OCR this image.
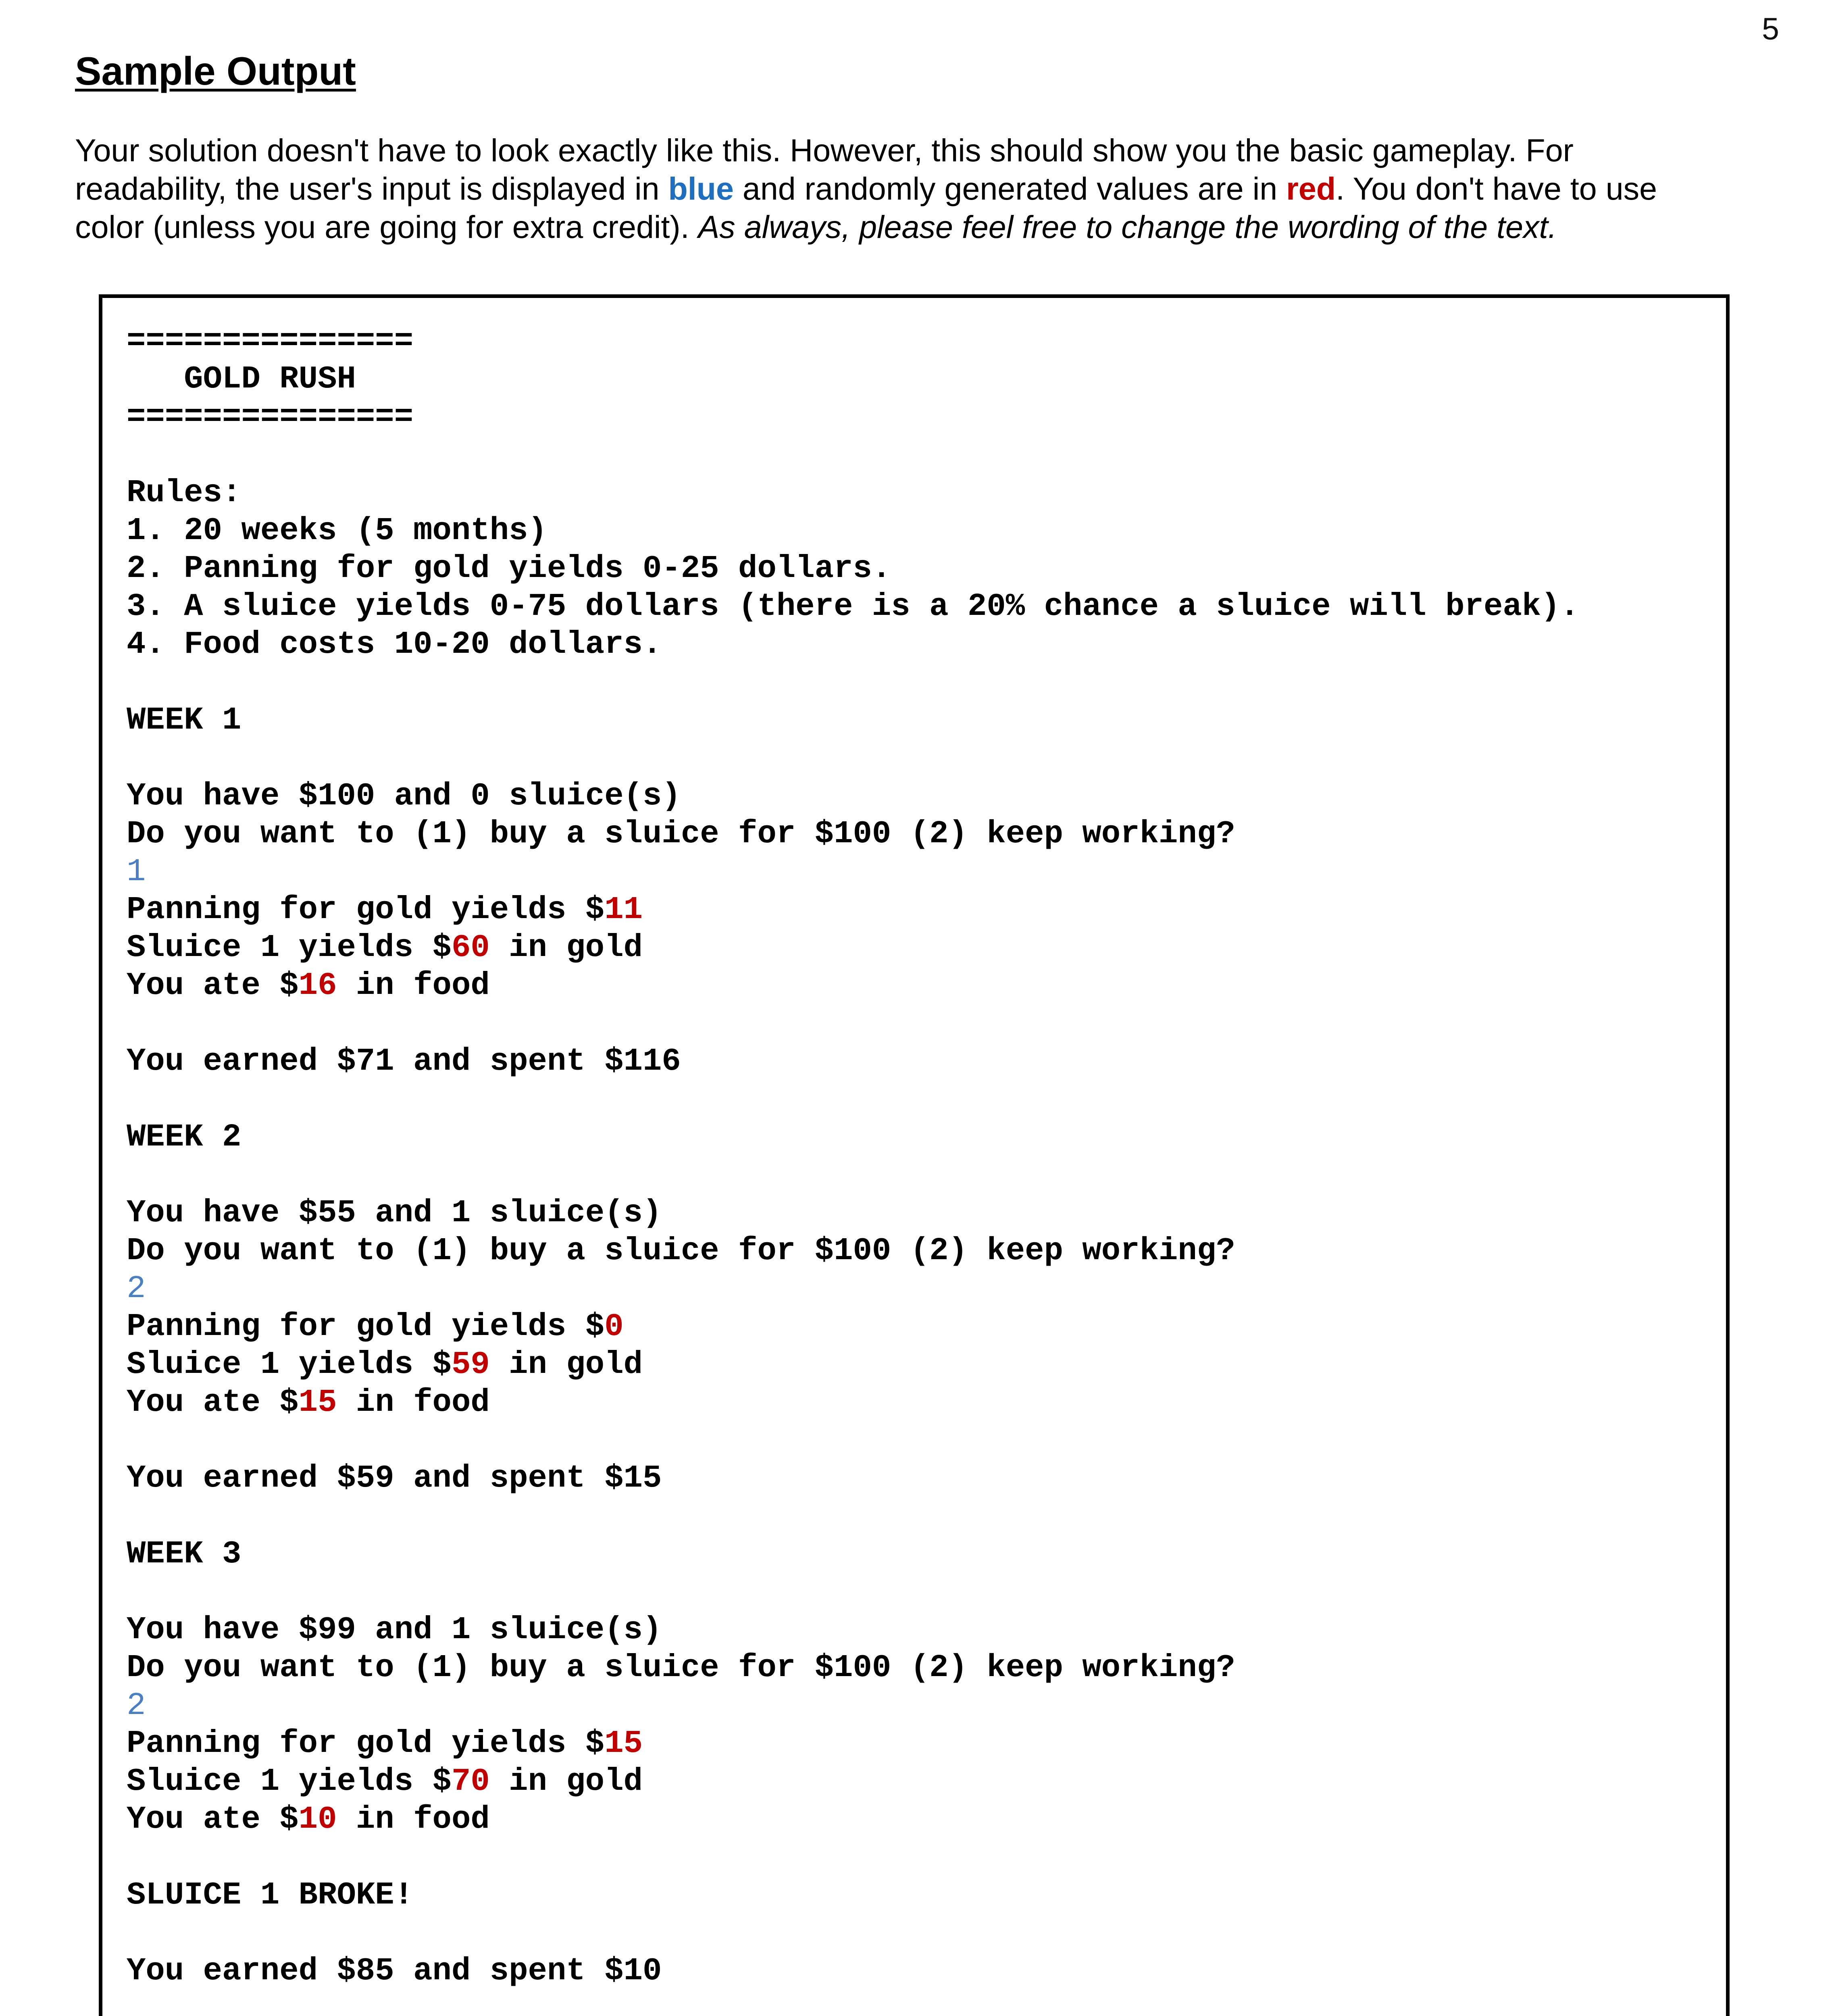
5
Sample Output
Your solution doesn't have to look exactly like this. However, this should show you the basic gameplay. For
readability, the user's input is displayed in blue and randomly generated values are in red. You don't have to use
color (unless you are going for extra credit). As always, please feel free to change the wording of the text.
===============
GOLD RUSH
===============
Rules:
1. 20 weeks (5 months)
2. Panning for gold yields 0-25 dollars.
3. A sluice yields 0-75 dollars (there is a 20% chance a sluice will break).
4. Food costs 10-20 dollars.
WEEK 1
You have $100 and 0 sluice(s)
Do you want to (1) buy a sluice for $100 (2) keep working?
1
Panning for gold yields $11
Sluice 1 yields $60 in gold
You ate $16 in food
You earned $71 and spent $116
WEEK 2
You have $55 and 1 sluice(s)
Do you want to (1) buy a sluice for $100 (2) keep working?
2
Panning for gold yields $0
Sluice 1 yields $59 in gold
You ate $15 in food
You earned $59 and spent $15
WEEK 3
You have $99 and 1 sluice(s)
Do you want to (1) buy a sluice for $100 (2) keep working?
2
Panning for gold yields $15
Sluice 1 yields $70 in gold
You ate $10 in food
SLUICE 1 BROKE!
You earned $85 and spent $10
